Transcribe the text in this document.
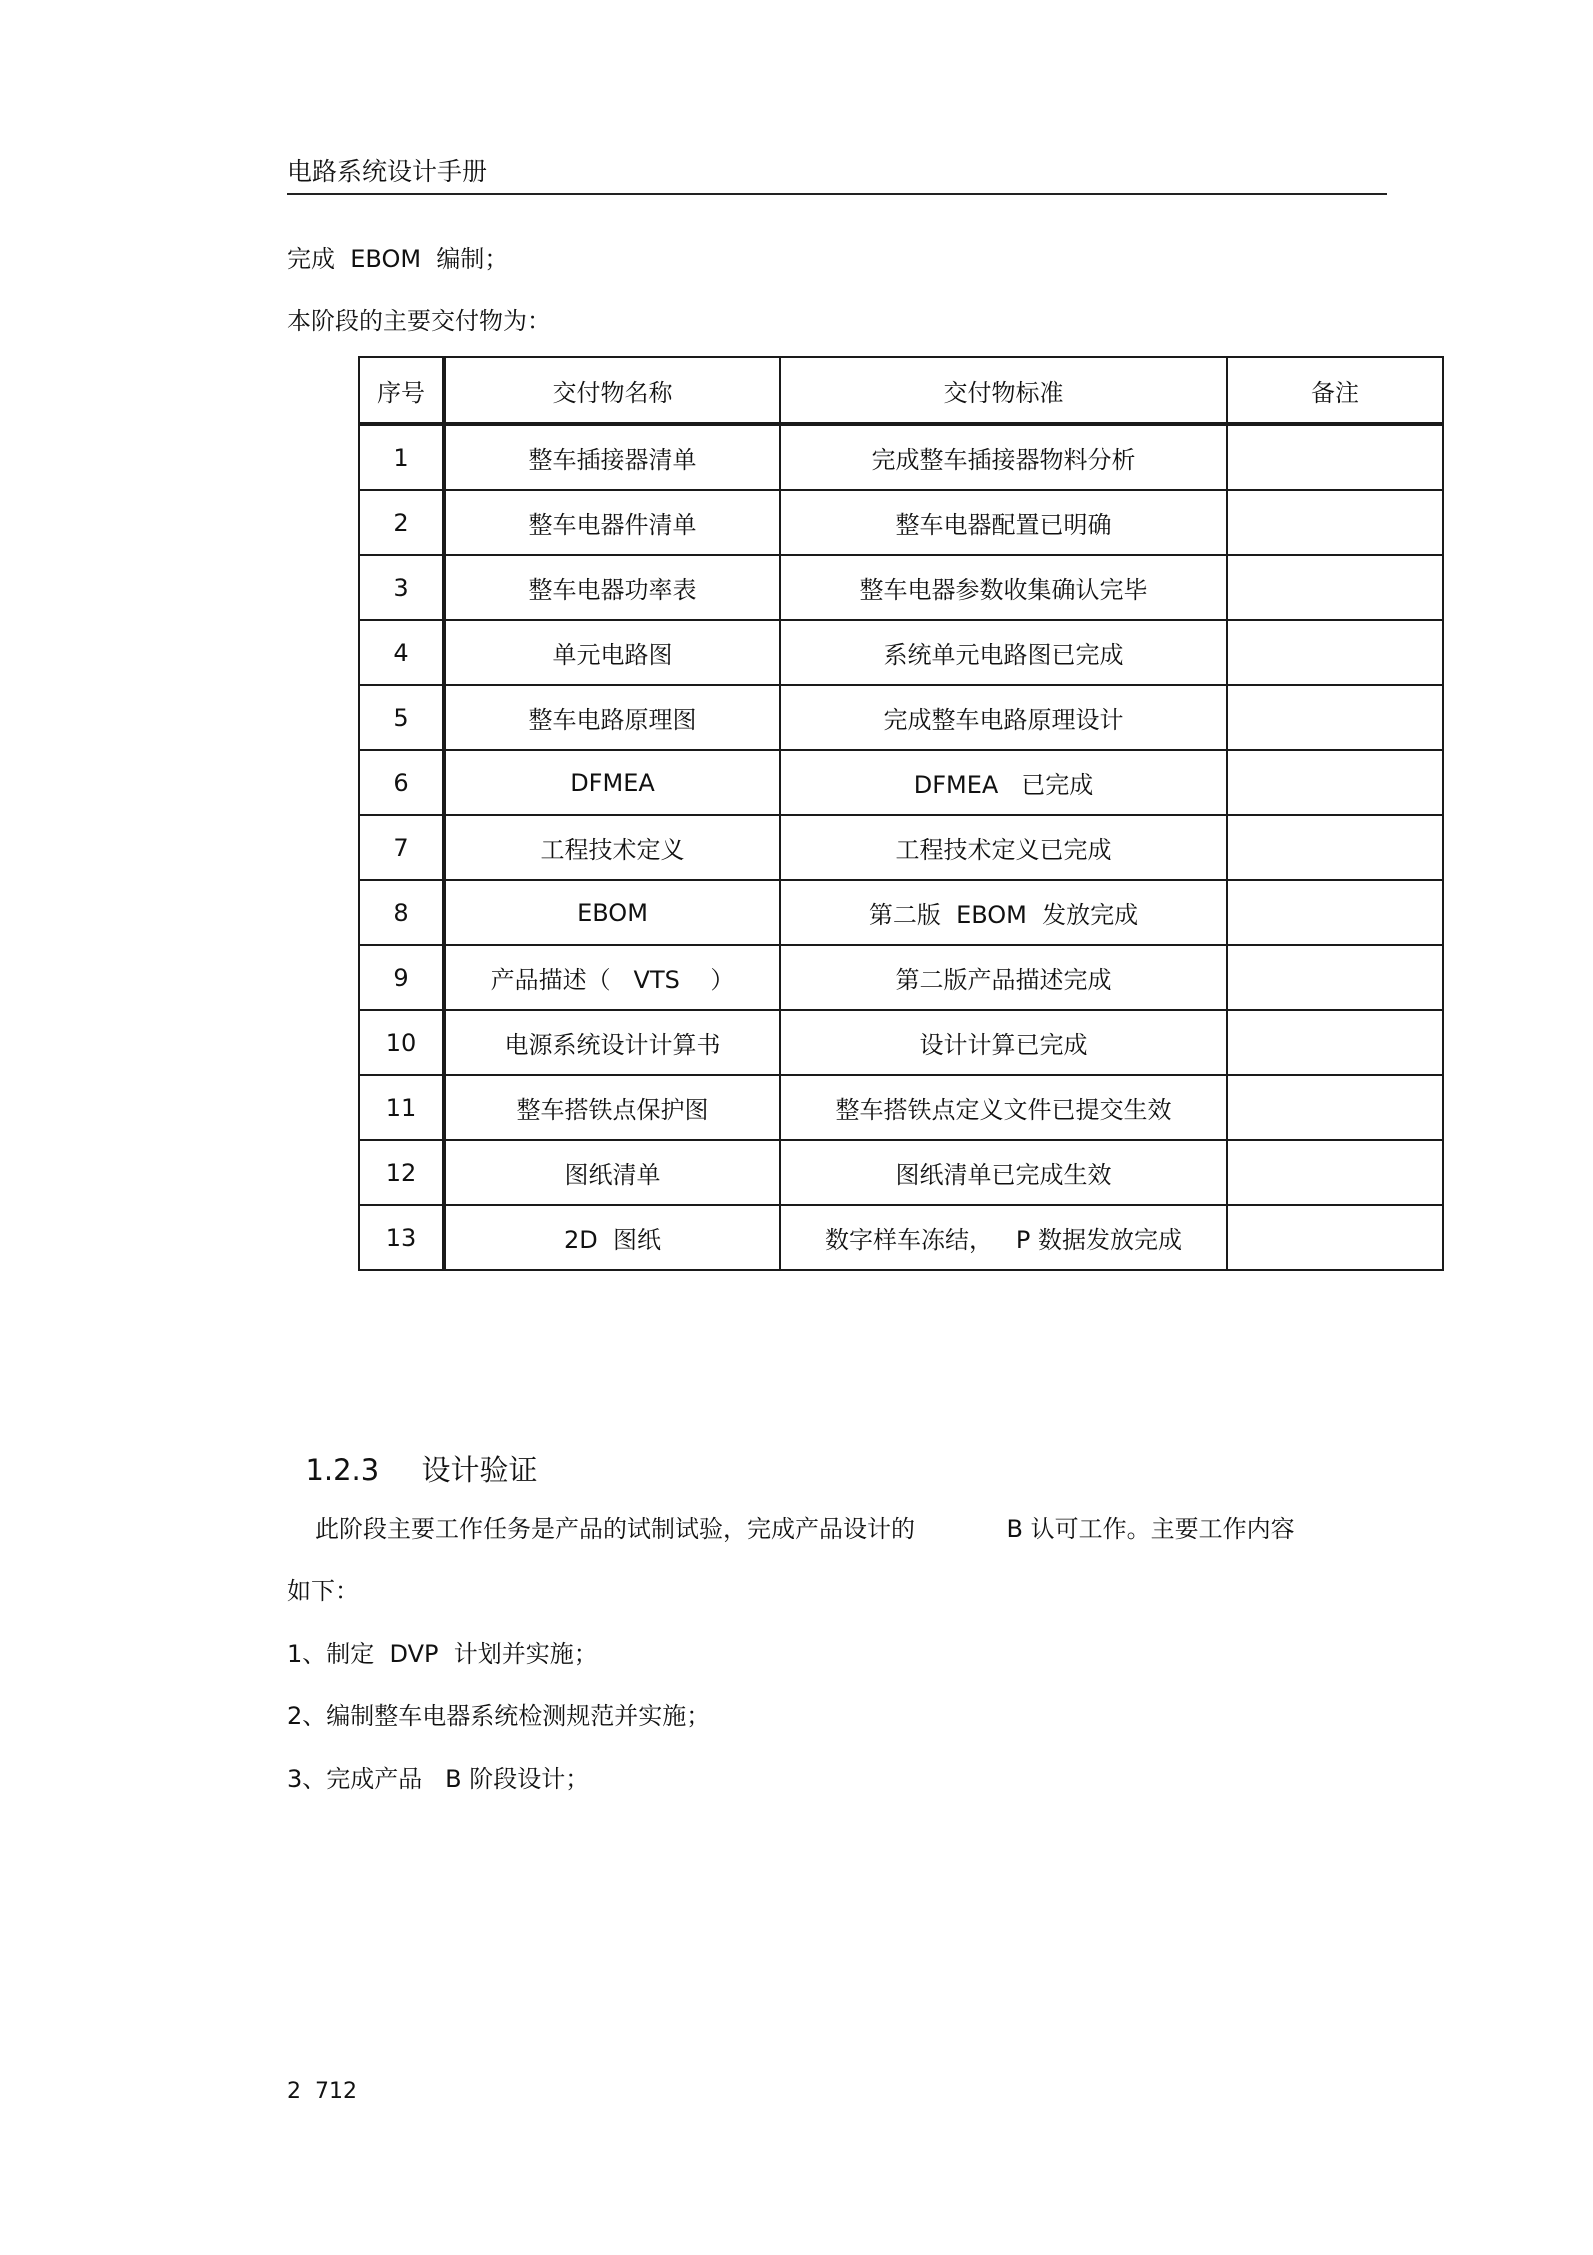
电路系统设计手册
完成  EBOM  编制；
本阶段的主要交付物为：
序号	交付物名称	交付物标准	备注
1	整车插接器清单	完成整车插接器物料分析	
2	整车电器件清单	整车电器配置已明确	
3	整车电器功率表	整车电器参数收集确认完毕	
4	单元电路图	系统单元电路图已完成	
5	整车电路原理图	完成整车电路原理设计	
6	DFMEA	DFMEA   已完成	
7	工程技术定义	工程技术定义已完成	
8	EBOM	第二版  EBOM  发放完成	
9	产品描述（   VTS    ）	第二版产品描述完成	
10	电源系统设计计算书	设计计算已完成	
11	整车搭铁点保护图	整车搭铁点定义文件已提交生效	
12	图纸清单	图纸清单已完成生效	
13	2D  图纸	数字样车冻结，   P 数据发放完成	

1.2.3 设计验证

此阶段主要工作任务是产品的试制试验，完成产品设计的            B 认可工作。主要工作内容
如下：
1、制定  DVP  计划并实施；
2、编制整车电器系统检测规范并实施；
3、完成产品   B 阶段设计；
2  712
